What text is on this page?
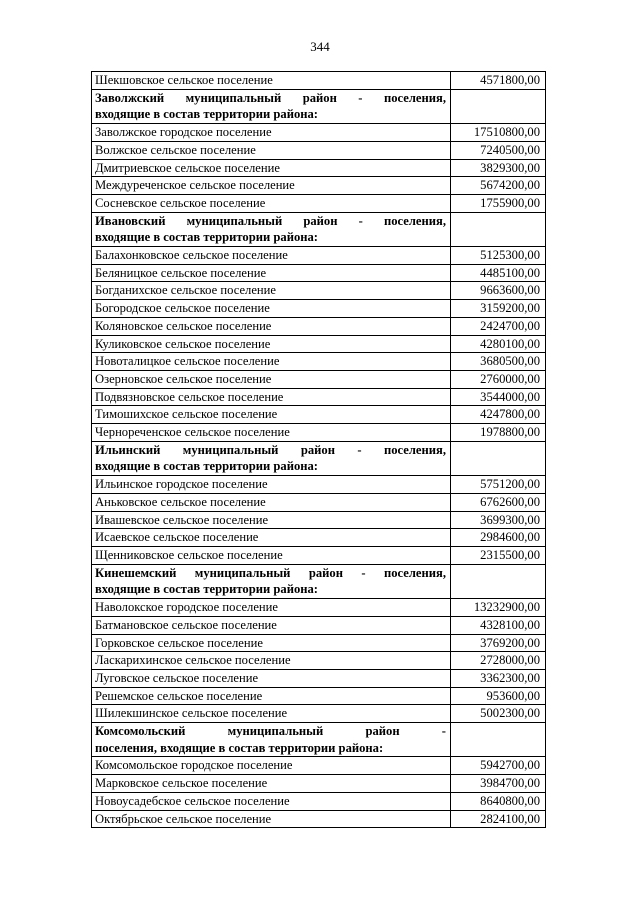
344
Шекшовское сельское поселение	4571800,00

Заволжский муниципальный район - поселения,
входящие в состав территории района:	

Заволжское городское поселение	17510800,00
Волжское сельское поселение	7240500,00
Дмитриевское сельское поселение	3829300,00
Междуреченское сельское поселение	5674200,00
Сосневское сельское поселение	1755900,00

Ивановский муниципальный район - поселения,
входящие в состав территории района:	

Балахонковское сельское поселение	5125300,00
Беляницкое сельское поселение	4485100,00
Богданихское сельское поселение	9663600,00
Богородское сельское поселение	3159200,00
Коляновское сельское поселение	2424700,00
Куликовское сельское поселение	4280100,00
Новоталицкое сельское поселение	3680500,00
Озерновское сельское поселение	2760000,00
Подвязновское сельское поселение	3544000,00
Тимошихское сельское поселение	4247800,00
Чернореченское сельское поселение	1978800,00

Ильинский муниципальный район - поселения,
входящие в состав территории района:	

Ильинское городское поселение	5751200,00
Аньковское сельское поселение	6762600,00
Ивашевское сельское поселение	3699300,00
Исаевское сельское поселение	2984600,00
Щенниковское сельское поселение	2315500,00

Кинешемский муниципальный район - поселения,
входящие в состав территории района:	

Наволокское городское поселение	13232900,00
Батмановское сельское поселение	4328100,00
Горковское сельское поселение	3769200,00
Ласкарихинское сельское поселение	2728000,00
Луговское сельское поселение	3362300,00
Решемское сельское поселение	953600,00
Шилекшинское сельское поселение	5002300,00

Комсомольский муниципальный район -
поселения, входящие в состав территории района:	

Комсомольское городское поселение	5942700,00
Марковское сельское поселение	3984700,00
Новоусадебское сельское поселение	8640800,00
Октябрьское сельское поселение	2824100,00
